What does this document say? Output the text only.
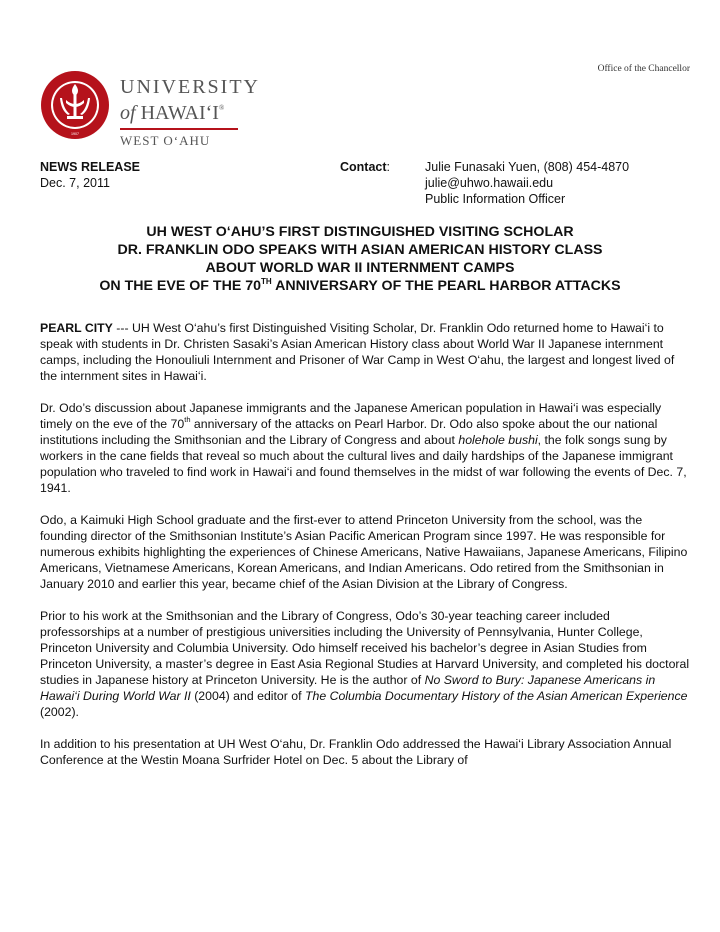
Office of the Chancellor
1907
UNIVERSITY
of HAWAI‘I®
WEST O‘AHU
NEWS RELEASE
Dec. 7, 2011
Contact:	Julie Funasaki Yuen, (808) 454-4870
julie@uhwo.hawaii.edu
Public Information Officer
UH WEST O‘AHU’S FIRST DISTINGUISHED VISITING SCHOLAR
DR. FRANKLIN ODO SPEAKS WITH ASIAN AMERICAN HISTORY CLASS
ABOUT WORLD WAR II INTERNMENT CAMPS
ON THE EVE OF THE 70TH ANNIVERSARY OF THE PEARL HARBOR ATTACKS

PEARL CITY --- UH West O‘ahu’s first Distinguished Visiting Scholar, Dr. Franklin Odo returned home to Hawai‘i to speak with students in Dr. Christen Sasaki’s Asian American History class about World War II Japanese internment camps, including the Honouliuli Internment and Prisoner of War Camp in West O‘ahu, the largest and longest lived of the internment sites in Hawai‘i.

Dr. Odo’s discussion about Japanese immigrants and the Japanese American population in Hawai‘i was especially timely on the eve of the 70th anniversary of the attacks on Pearl Harbor. Dr. Odo also spoke about the our national institutions including the Smithsonian and the Library of Congress and about holehole bushi, the folk songs sung by workers in the cane fields that reveal so much about the cultural lives and daily hardships of the Japanese immigrant population who traveled to find work in Hawai‘i and found themselves in the midst of war following the events of Dec. 7, 1941.

Odo, a Kaimuki High School graduate and the first-ever to attend Princeton University from the school, was the founding director of the Smithsonian Institute’s Asian Pacific American Program since 1997. He was responsible for numerous exhibits highlighting the experiences of Chinese Americans, Native Hawaiians, Japanese Americans, Filipino Americans, Vietnamese Americans, Korean Americans, and Indian Americans. Odo retired from the Smithsonian in January 2010 and earlier this year, became chief of the Asian Division at the Library of Congress.

Prior to his work at the Smithsonian and the Library of Congress, Odo’s 30-year teaching career included professorships at a number of prestigious universities including the University of Pennsylvania, Hunter College, Princeton University and Columbia University. Odo himself received his bachelor’s degree in Asian Studies from Princeton University, a master’s degree in East Asia Regional Studies at Harvard University, and completed his doctoral studies in Japanese history at Princeton University. He is the author of No Sword to Bury: Japanese Americans in Hawai‘i During World War II (2004) and editor of The Columbia Documentary History of the Asian American Experience (2002).

In addition to his presentation at UH West O‘ahu, Dr. Franklin Odo addressed the Hawai‘i Library Association Annual Conference at the Westin Moana Surfrider Hotel on Dec. 5 about the Library of
